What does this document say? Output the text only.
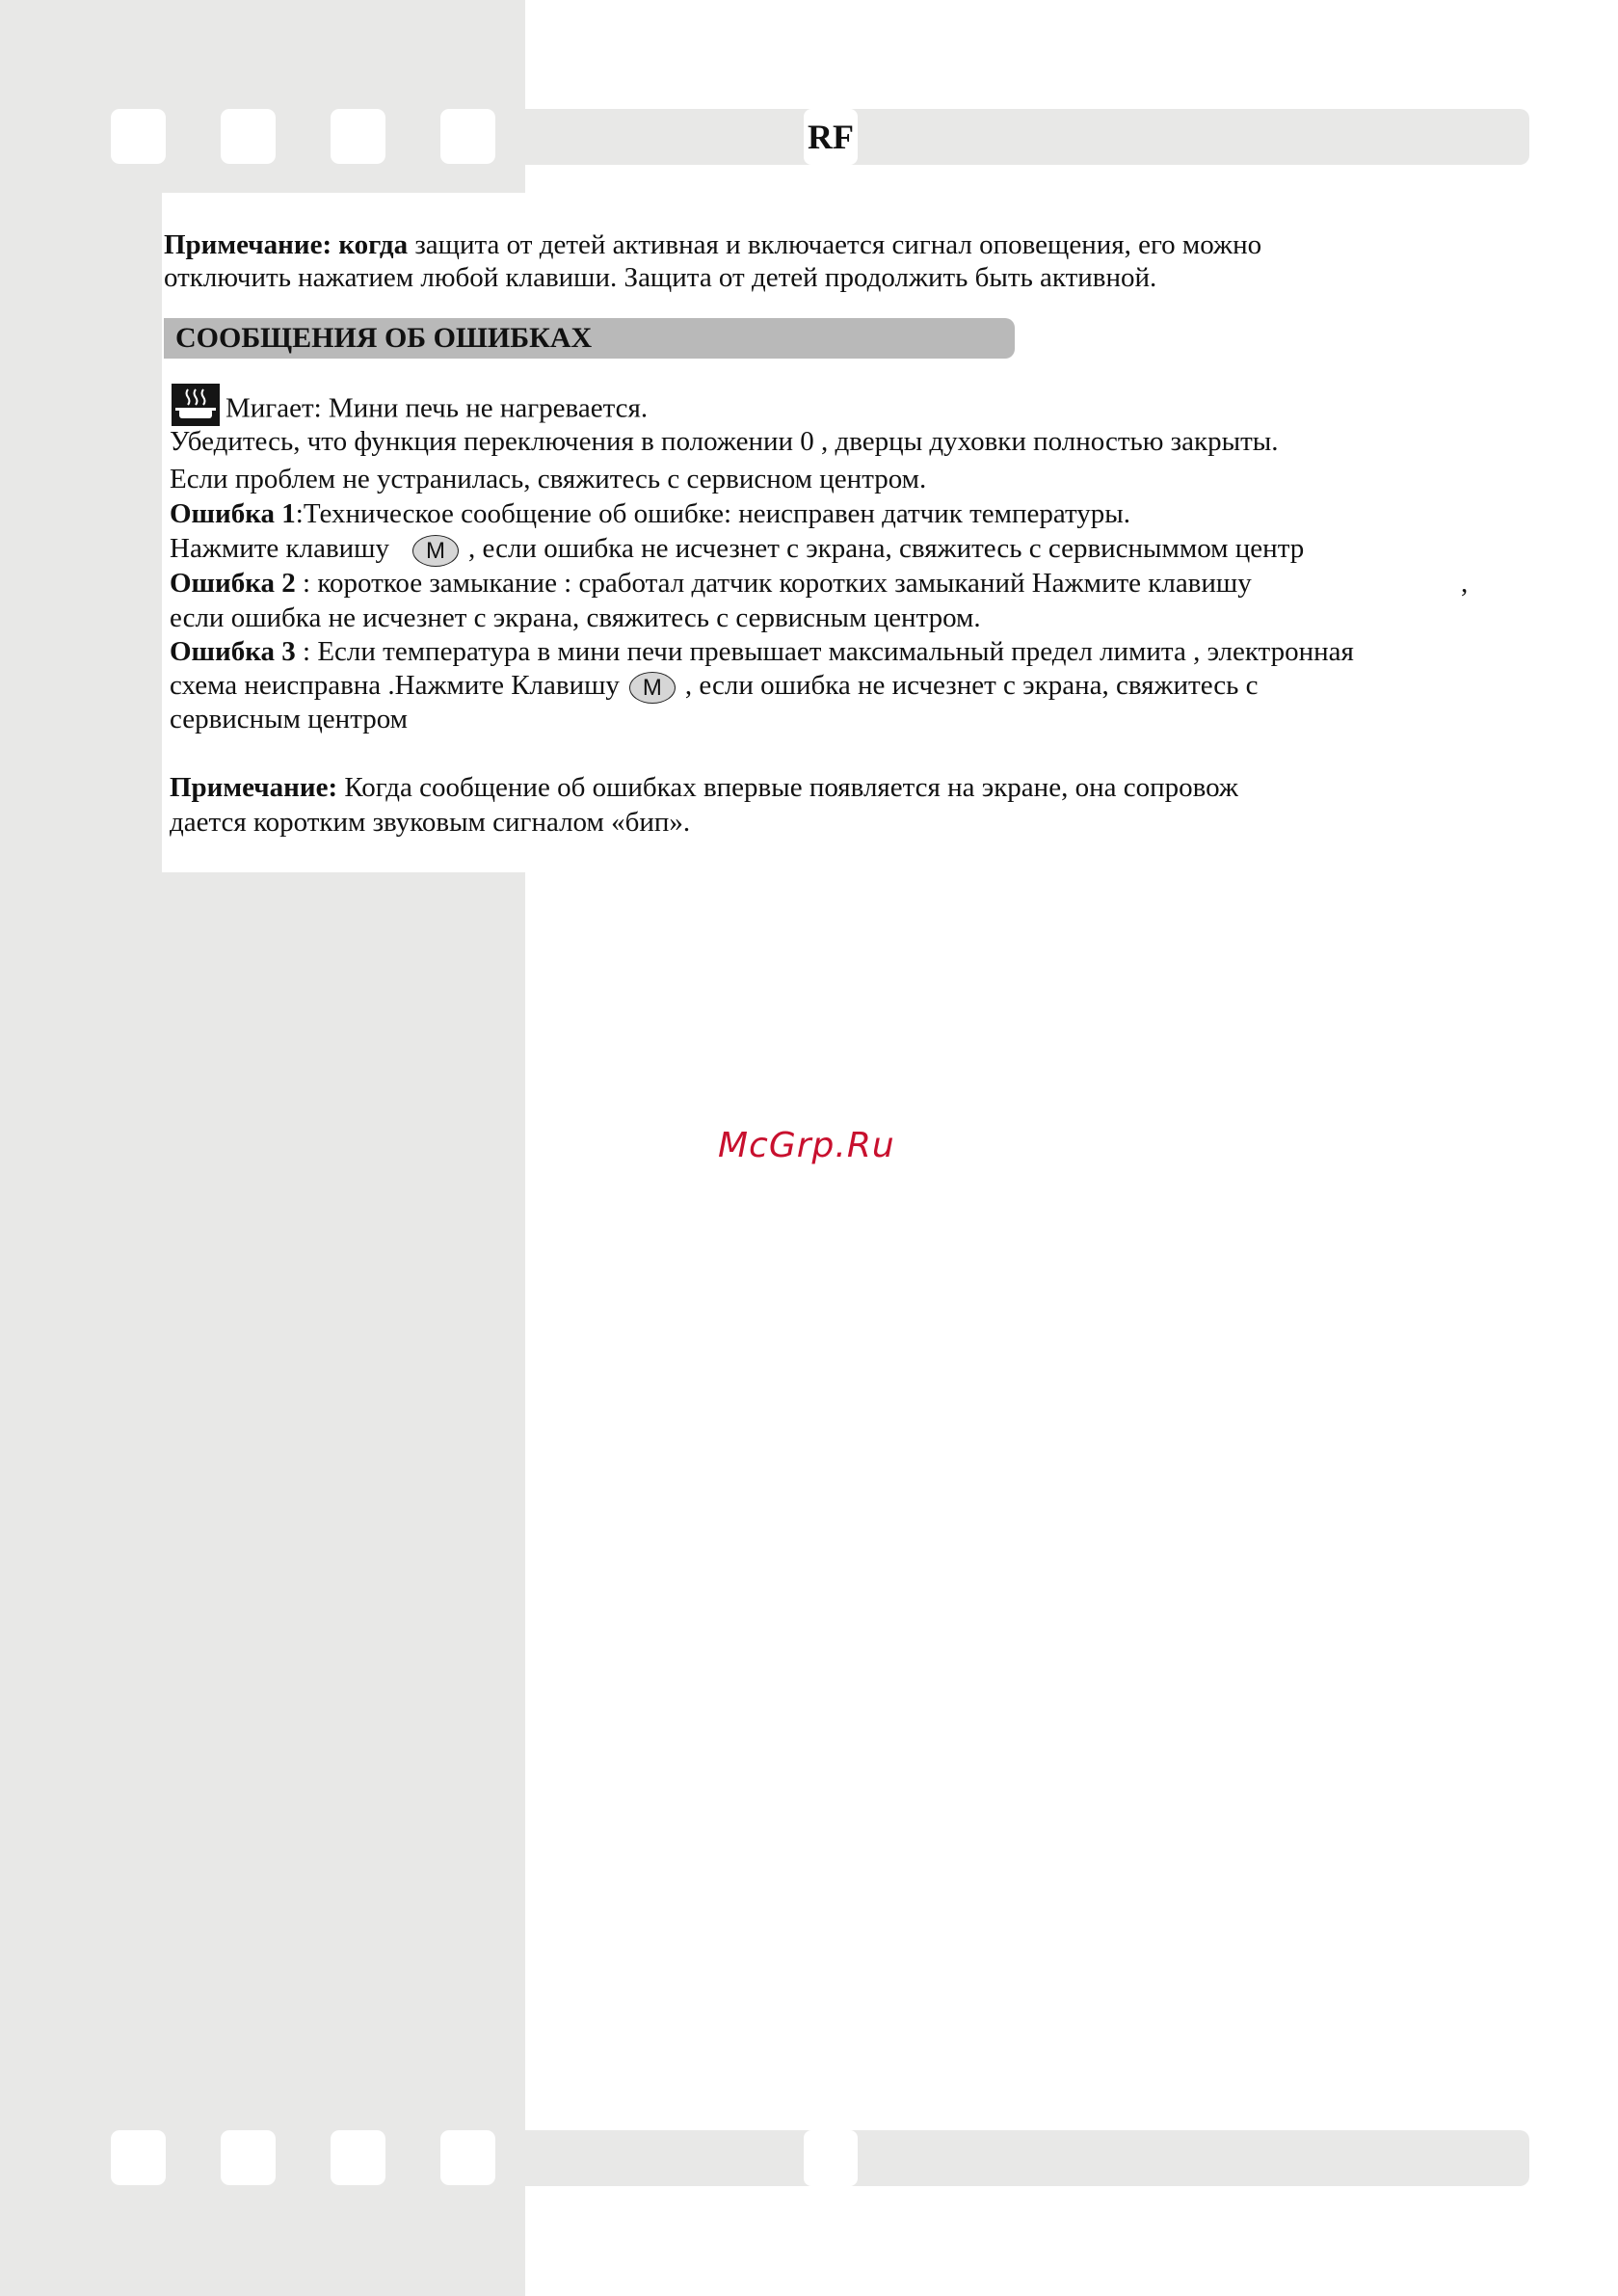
RF
Примечание: когда защита от детей активная и включается сигнал оповещения, его можно
отключить нажатием любой клавиши. Защита от детей продолжить быть активной.
СООБЩЕНИЯ ОБ ОШИБКАХ
Мигает: Мини печь не нагревается.
Убедитесь, что функция переключения в положении 0 , дверцы духовки полностью закрыты.
Если проблем не устранилась, свяжитесь с сервисном центром.
Ошибка 1:Техническое сообщение об ошибке: неисправен датчик температуры.
Нажмите клавишу M , если ошибка не исчезнет с экрана, свяжитесь с сервисныммом центр
Ошибка 2 : короткое замыкание : сработал датчик коротких замыканий Нажмите клавишу	,
если ошибка не исчезнет с экрана, свяжитесь с сервисным центром.
Ошибка 3 : Если температура в мини печи превышает максимальный предел лимита , электронная
схема неисправна .Нажмите Клавишу M , если ошибка не исчезнет с экрана, свяжитесь с
сервисным центром
Примечание: Когда сообщение об ошибках впервые появляется на экране, она сопровож
дается коротким звуковым сигналом «бип».
McGrp.Ru
